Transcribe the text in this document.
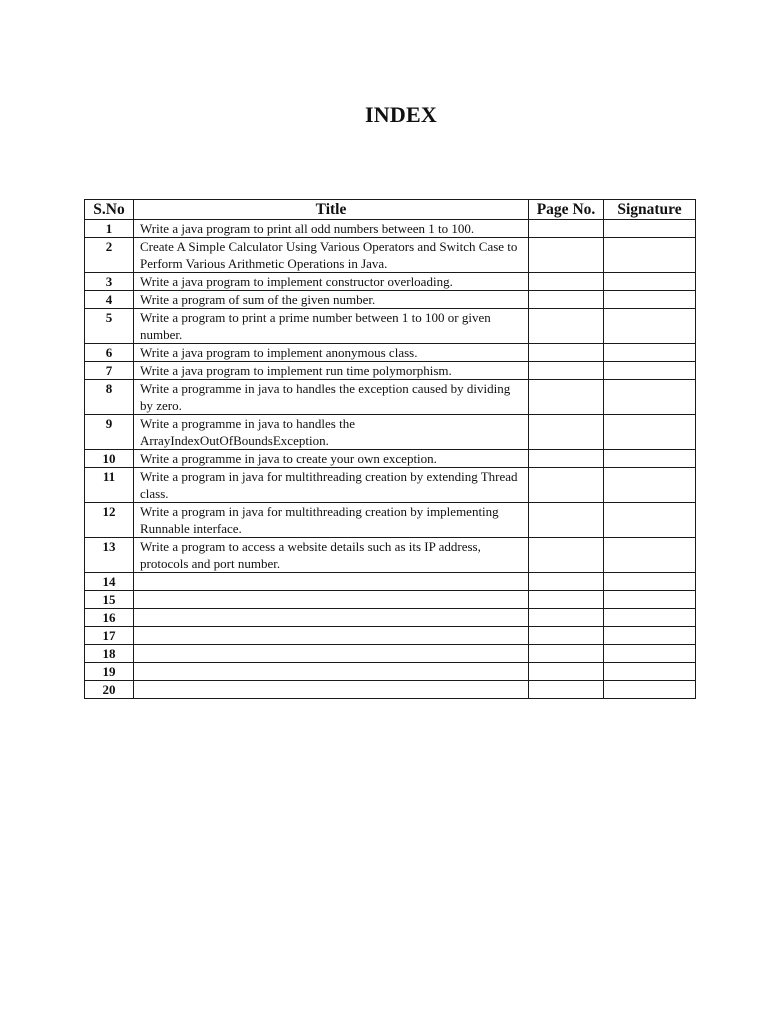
INDEX
S.No	Title	Page No.	Signature
1	Write a java program to print all odd numbers between 1 to 100.		
2	Create A Simple Calculator Using Various Operators and Switch Case to Perform Various Arithmetic Operations in Java.		
3	Write a java program to implement constructor overloading.		
4	Write a program of sum of the given number.		
5	Write a program to print a prime number between 1 to 100 or given number.		
6	Write a java program to implement anonymous class.		
7	Write a java program to implement run time polymorphism.		
8	Write a programme in java to handles the exception caused by dividing by zero.		
9	Write a programme in java to handles the ArrayIndexOutOfBoundsException.		
10	Write a programme in java to create your own exception.		
11	Write a program in java for multithreading creation by extending Thread class.		
12	Write a program in java for multithreading creation by implementing Runnable interface.		
13	Write a program to access a website details such as its IP address, protocols and port number.		
14			
15			
16			
17			
18			
19			
20			
